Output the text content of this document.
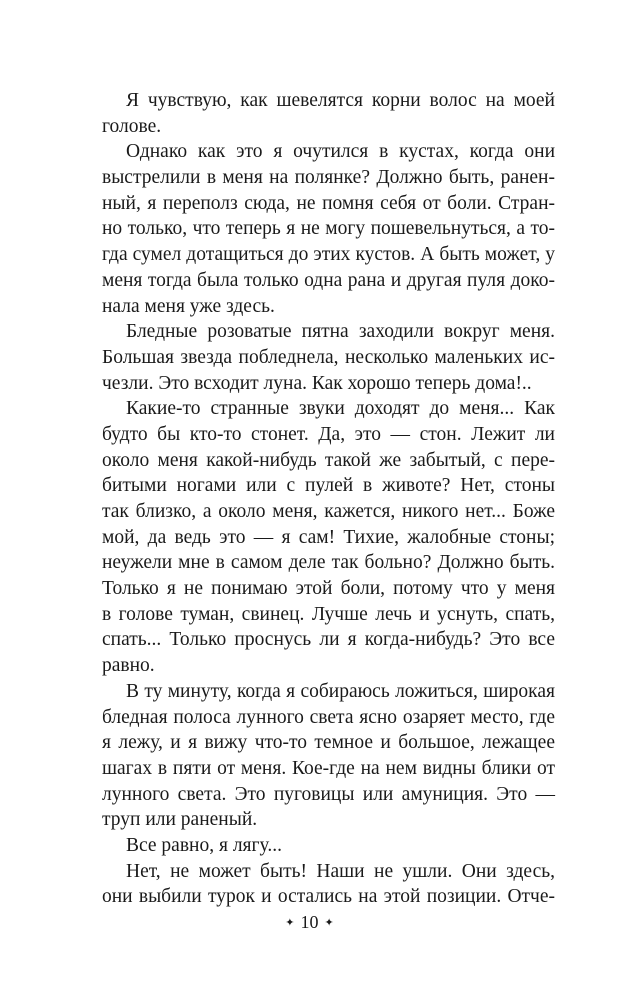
Я чувствую, как шевелятся корни волос на моей
голове.
Однако как это я очутился в кустах, когда они
выстрелили в меня на полянке? Должно быть, ранен-
ный, я переполз сюда, не помня себя от боли. Стран-
но только, что теперь я не могу пошевельнуться, а то-
гда сумел дотащиться до этих кустов. А быть может, у
меня тогда была только одна рана и другая пуля доко-
нала меня уже здесь.
Бледные розоватые пятна заходили вокруг меня.
Большая звезда побледнела, несколько маленьких ис-
чезли. Это всходит луна. Как хорошо теперь дома!..
Какие-то странные звуки доходят до меня... Как
будто бы кто-то стонет. Да, это — стон. Лежит ли
около меня какой-нибудь такой же забытый, с пере-
битыми ногами или с пулей в животе? Нет, стоны
так близко, а около меня, кажется, никого нет... Боже
мой, да ведь это — я сам! Тихие, жалобные стоны;
неужели мне в самом деле так больно? Должно быть.
Только я не понимаю этой боли, потому что у меня
в голове туман, свинец. Лучше лечь и уснуть, спать,
спать... Только проснусь ли я когда-нибудь? Это все
равно.
В ту минуту, когда я собираюсь ложиться, широкая
бледная полоса лунного света ясно озаряет место, где
я лежу, и я вижу что-то темное и большое, лежащее
шагах в пяти от меня. Кое-где на нем видны блики от
лунного света. Это пуговицы или амуниция. Это —
труп или раненый.
Все равно, я лягу...
Нет, не может быть! Наши не ушли. Они здесь,
они выбили турок и остались на этой позиции. Отче-
✦ 10 ✦
